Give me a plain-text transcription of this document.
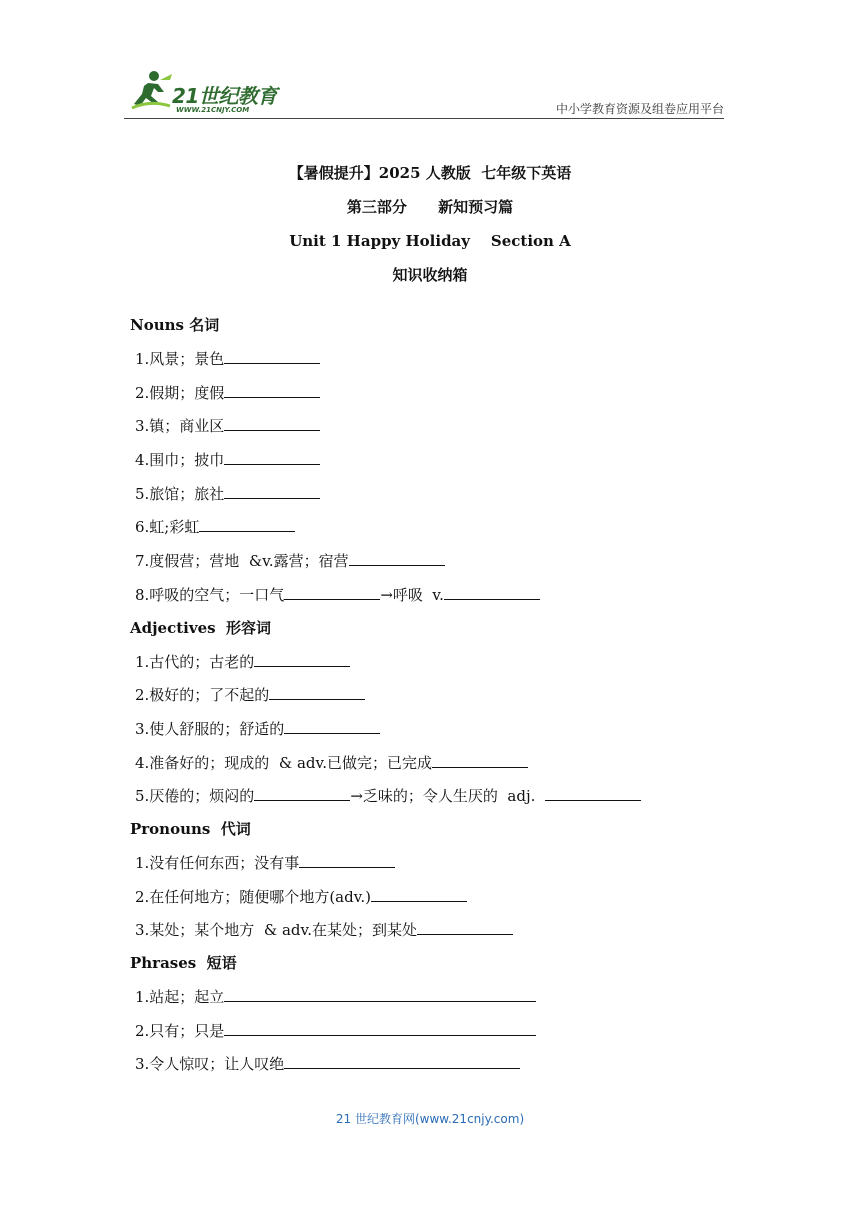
21世纪教育
WWW.21CNJY.COM	中小学教育资源及组卷应用平台
【暑假提升】2025 人教版  七年级下英语
第三部分      新知预习篇
Unit 1 Happy Holiday    Section A
知识收纳箱
Nouns 名词
1.风景；景色
2.假期；度假
3.镇；商业区
4.围巾；披巾
5.旅馆；旅社
6.虹;彩虹
7.度假营；营地  &v.露营；宿营
8.呼吸的空气；一口气	→呼吸  v.
Adjectives  形容词
1.古代的；古老的
2.极好的；了不起的
3.使人舒服的；舒适的
4.准备好的；现成的  & adv.已做完；已完成
5.厌倦的；烦闷的	→乏味的；令人生厌的  adj.
Pronouns  代词
1.没有任何东西；没有事
2.在任何地方；随便哪个地方(adv.)
3.某处；某个地方  & adv.在某处；到某处
Phrases  短语
1.站起；起立
2.只有；只是
3.令人惊叹；让人叹绝
21 世纪教育网(www.21cnjy.com)
